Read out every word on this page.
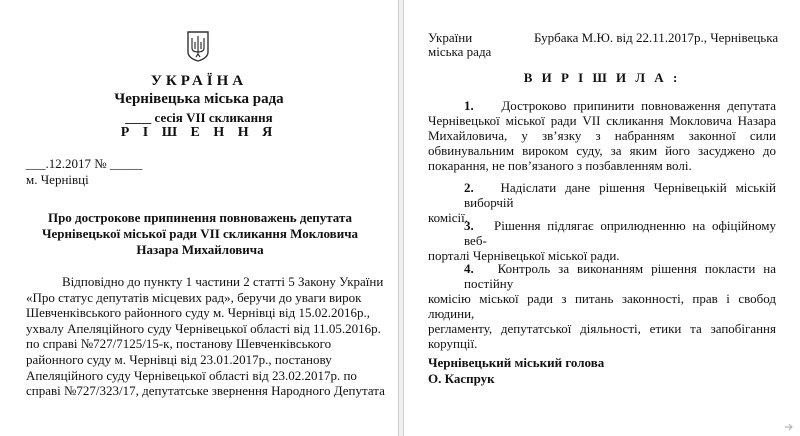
УКРАЇНА
Чернівецька міська рада
____ сесія VII скликання
Р І Ш Е Н Н Я
___.12.2017 № _____
м. Чернівці
Про дострокове припинення повноважень депутата
Чернівецької міської ради VII скликання Мокловича
Назара Михайловича
Відповідно до пункту 1 частини 2 статті 5 Закону України
«Про статус депутатів місцевих рад», беручи до уваги вирок
Шевченківського районного суду м. Чернівці від 15.02.2016р.,
ухвалу Апеляційного суду Чернівецької області від 11.05.2016р.
по справі №727/7125/15-к, постанову Шевченківського
районного суду м. Чернівці від 23.01.2017р., постанову
Апеляційного суду Чернівецької області від 23.02.2017р. по
справі №727/323/17, депутатське звернення Народного Депутата
України	Бурбака М.Ю. від 22.11.2017р., Чернівецька
міська рада
В И Р І Ш И Л А :
1. Достроково припинити повноваження депутата
Чернівецької міської ради VII скликання Мокловича Назара
Михайловича, у зв’язку з набранням законної сили
обвинувальним вироком суду, за яким його засуджено до
покарання, не пов’язаного з позбавленням волі.
2. Надіслати дане рішення Чернівецькій міській виборчій
комісії.
3. Рішення підлягає оприлюдненню на офіційному веб-
порталі Чернівецької міської ради.
4. Контроль за виконанням рішення покласти на постійну
комісію міської ради з питань законності, прав і свобод людини,
регламенту, депутатської діяльності, етики та запобігання
корупції.
Чернівецький міський голова
О. Каспрук
